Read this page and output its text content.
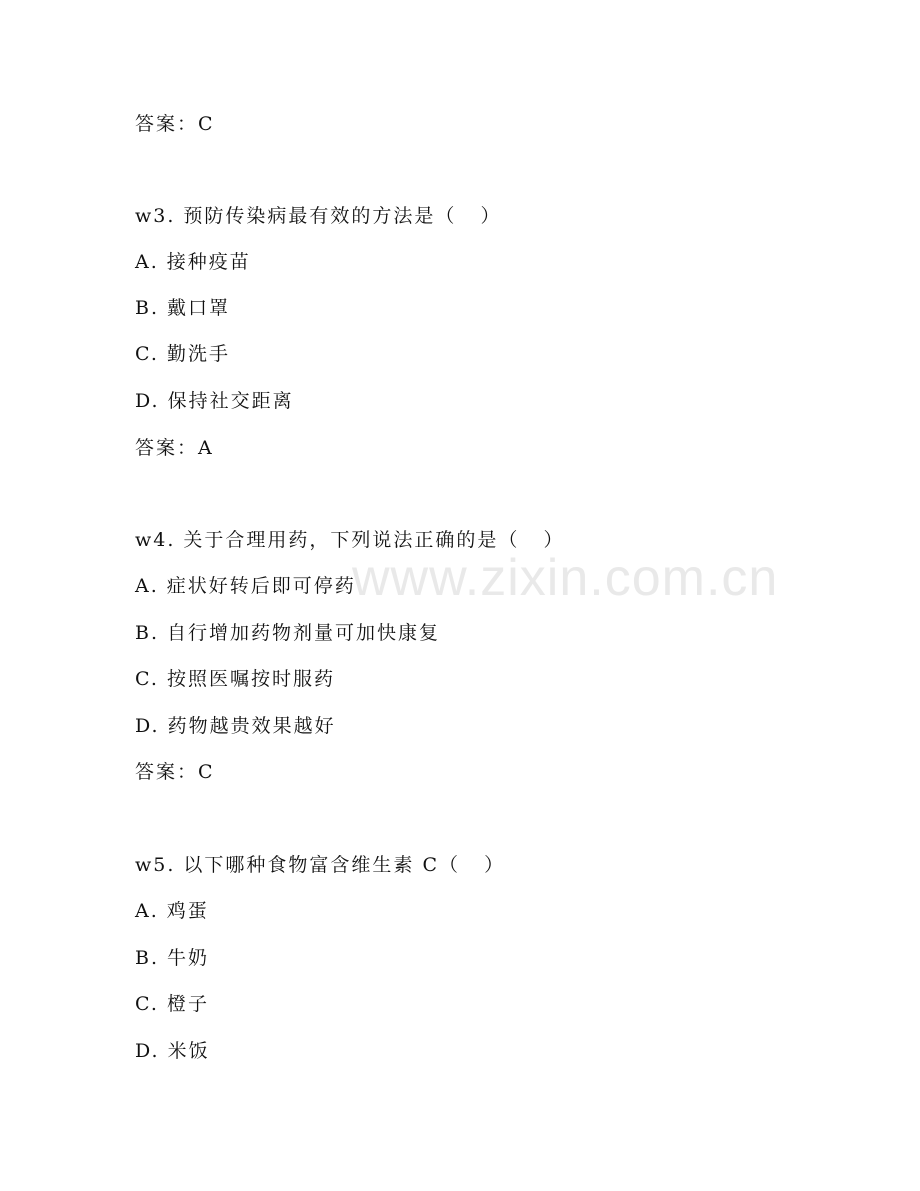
www.zixin.com.cn
答案：C
w3. 预防传染病最有效的方法是（   ）
A. 接种疫苗
B. 戴口罩
C. 勤洗手
D. 保持社交距离
答案：A
w4. 关于合理用药，下列说法正确的是（   ）
A. 症状好转后即可停药
B. 自行增加药物剂量可加快康复
C. 按照医嘱按时服药
D. 药物越贵效果越好
答案：C
w5. 以下哪种食物富含维生素 C（   ）
A. 鸡蛋
B. 牛奶
C. 橙子
D. 米饭
